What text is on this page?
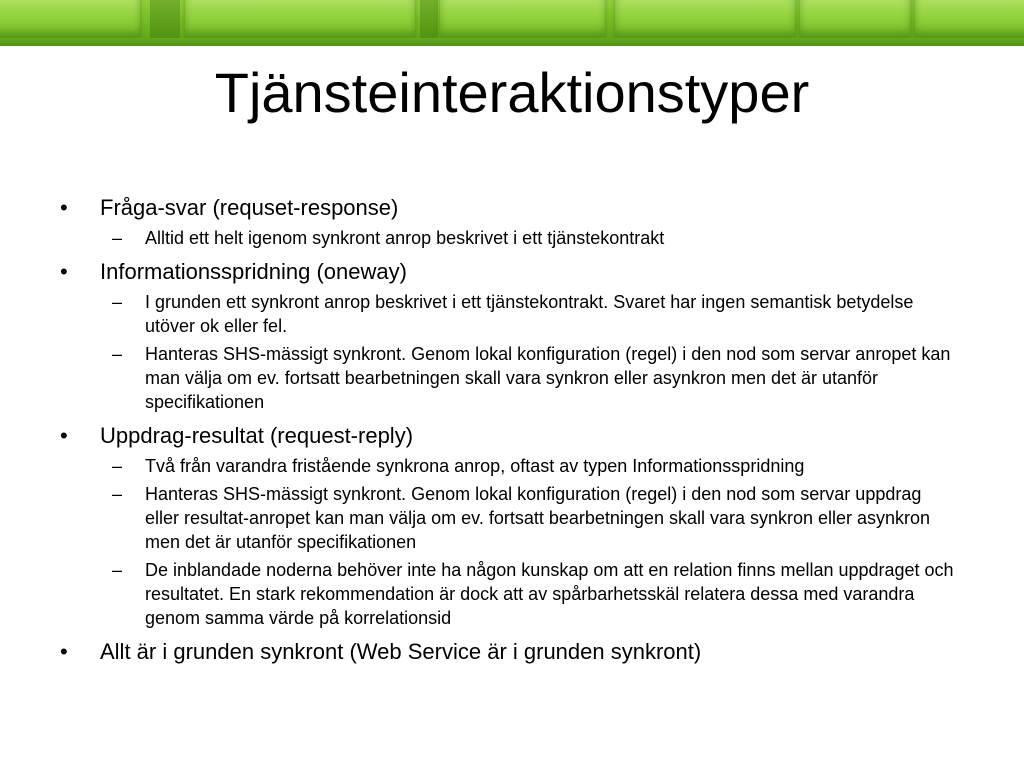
Tjänsteinteraktionstyper
•	Fråga-svar (requset-response)
– Alltid ett helt igenom synkront anrop beskrivet i ett tjänstekontrakt
•	Informationsspridning (oneway)
– I grunden ett synkront anrop beskrivet i ett tjänstekontrakt. Svaret har ingen semantisk betydelse utöver ok eller fel.
– Hanteras SHS-mässigt synkront. Genom lokal konfiguration (regel) i den nod som servar anropet kan man välja om ev. fortsatt bearbetningen skall vara synkron eller asynkron men det är utanför specifikationen
•	Uppdrag-resultat (request-reply)
– Två från varandra fristående synkrona anrop, oftast av typen Informationsspridning
– Hanteras SHS-mässigt synkront. Genom lokal konfiguration (regel) i den nod som servar uppdrag eller resultat-anropet kan man välja om ev. fortsatt bearbetningen skall vara synkron eller asynkron men det är utanför specifikationen
– De inblandade noderna behöver inte ha någon kunskap om att en relation finns mellan uppdraget och resultatet. En stark rekommendation är dock att av spårbarhetsskäl relatera dessa med varandra genom samma värde på korrelationsid
•	Allt är i grunden synkront (Web Service är i grunden synkront)
